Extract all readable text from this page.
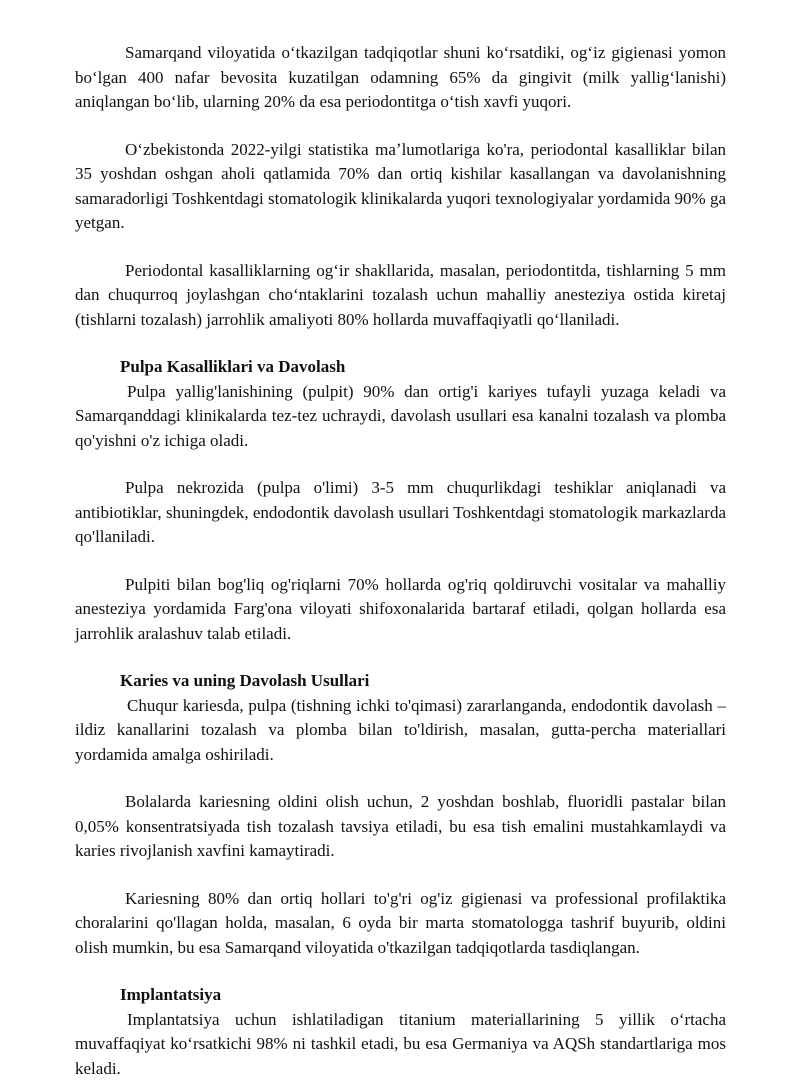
Samarqand viloyatida oʻtkazilgan tadqiqotlar shuni koʻrsatdiki, ogʻiz gigienasi yomon boʻlgan 400 nafar bevosita kuzatilgan odamning 65% da gingivit (milk yalligʻlanishi) aniqlangan boʻlib, ularning 20% da esa periodontitga oʻtish xavfi yuqori.

Oʻzbekistonda 2022-yilgi statistika maʼlumotlariga ko'ra, periodontal kasalliklar bilan 35 yoshdan oshgan aholi qatlamida 70% dan ortiq kishilar kasallangan va davolanishning samaradorligi Toshkentdagi stomatologik klinikalarda yuqori texnologiyalar yordamida 90% ga yetgan.

Periodontal kasalliklarning ogʻir shakllarida, masalan, periodontitda, tishlarning 5 mm dan chuqurroq joylashgan choʻntaklarini tozalash uchun mahalliy anesteziya ostida kiretaj (tishlarni tozalash) jarrohlik amaliyoti 80% hollarda muvaffaqiyatli qoʻllaniladi.

Pulpa Kasalliklari va Davolash

Pulpa yallig'lanishining (pulpit) 90% dan ortig'i kariyes tufayli yuzaga keladi va Samarqanddagi klinikalarda tez-tez uchraydi, davolash usullari esa kanalni tozalash va plomba qo'yishni o'z ichiga oladi.

Pulpa nekrozida (pulpa o'limi) 3-5 mm chuqurlikdagi teshiklar aniqlanadi va antibiotiklar, shuningdek, endodontik davolash usullari Toshkentdagi stomatologik markazlarda qo'llaniladi.

Pulpiti bilan bog'liq og'riqlarni 70% hollarda og'riq qoldiruvchi vositalar va mahalliy anesteziya yordamida Farg'ona viloyati shifoxonalarida bartaraf etiladi, qolgan hollarda esa jarrohlik aralashuv talab etiladi.

Karies va uning Davolash Usullari

Chuqur kariesda, pulpa (tishning ichki to'qimasi) zararlanganda, endodontik davolash – ildiz kanallarini tozalash va plomba bilan to'ldirish, masalan, gutta-percha materiallari yordamida amalga oshiriladi.

Bolalarda kariesning oldini olish uchun, 2 yoshdan boshlab, fluoridli pastalar bilan 0,05% konsentratsiyada tish tozalash tavsiya etiladi, bu esa tish emalini mustahkamlaydi va karies rivojlanish xavfini kamaytiradi.

Kariesning 80% dan ortiq hollari to'g'ri og'iz gigienasi va professional profilaktika choralarini qo'llagan holda, masalan, 6 oyda bir marta stomatologga tashrif buyurib, oldini olish mumkin, bu esa Samarqand viloyatida o'tkazilgan tadqiqotlarda tasdiqlangan.

Implantatsiya

Implantatsiya uchun ishlatiladigan titanium materiallarining 5 yillik oʻrtacha muvaffaqiyat koʻrsatkichi 98% ni tashkil etadi, bu esa Germaniya va AQSh standartlariga mos keladi.
